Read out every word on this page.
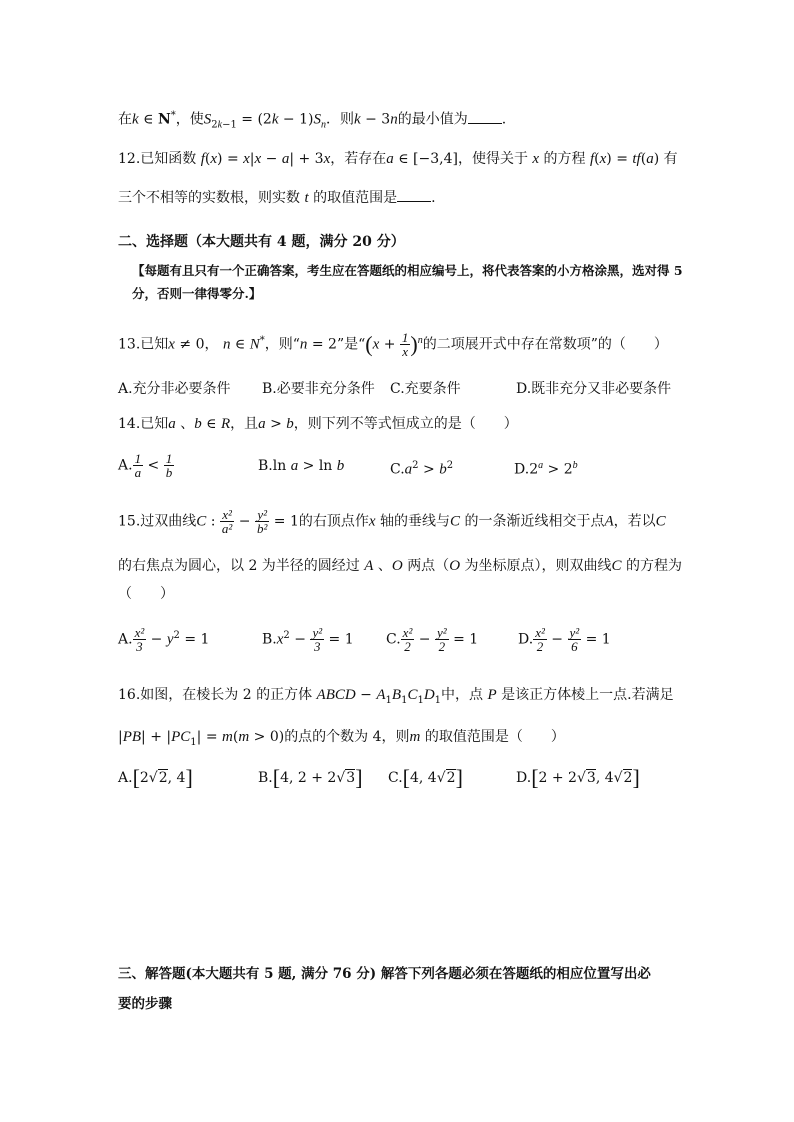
在k ∈ N*，使$S_{2k-1} = (2k - 1)S_n$．则k − 3n的最小值为 .
12.已知函数 f(x) = x|x − a| + 3x，若存在a ∈ [−3,4]，使得关于 x 的方程 f(x) = tf(a) 有
三个不相等的实数根，则实数 t 的取值范围是 .
二、选择题（本大题共有 4 题，满分 20 分）
【每题有且只有一个正确答案，考生应在答题纸的相应编号上，将代表答案的小方格涂黑，选对得 5
分，否则一律得零分.】
13.已知x ≠ 0， n ∈ N*，则“n = 2”是“$(x + \frac{1}{x} )^n$的二项展开式中存在常数项”的（　　）
A.充分非必要条件 B.必要非充分条件 C.充要条件	D.既非充分又非必要条件
14.已知a 、b ∈ R，且a > b，则下列不等式恒成立的是（　　）
A. $\frac{1}{a} < \frac{1}{b}$	B.ln a > ln b	$C.a^2 > b^2$	$D.2^a > 2^b$
15.过双曲线C : $\frac{\text{x²}}{\text{a²}} - \frac{\text{y²}}{\text{b²}} = 1$的右顶点作x 轴的垂线与C 的一条渐近线相交于点A，若以C
的右焦点为圆心，以 2 为半径的圆经过 A 、O 两点（O 为坐标原点），则双曲线C 的方程为
（　　）
A. $\frac{\text{x²}}{3} - y^2 = 1$	$B.x^2 - \frac{\text{y²}}{3} = 1$ C. $\frac{\text{x²}}{2} - \frac{\text{y²}}{2} = 1$	D. $\frac{\text{x²}}{2} - \frac{\text{y²}}{6} = 1$
16.如图，在棱长为 2 的正方体 ABCD − $A_1B_1C_1D_1$中，点 P 是该正方体棱上一点.若满足
$|PB| + |PC_1| = m(m > 0)$的点的个数为 4，则m 的取值范围是（　　）
A.[2√2, 4]	B.[4, 2 + 2√3] C.[4, 4√2]	D.[2 + 2√3, 4√2]
三、解答题(本大题共有 5 题, 满分 76 分) 解答下列各题必须在答题纸的相应位置写出必
要的步骤
